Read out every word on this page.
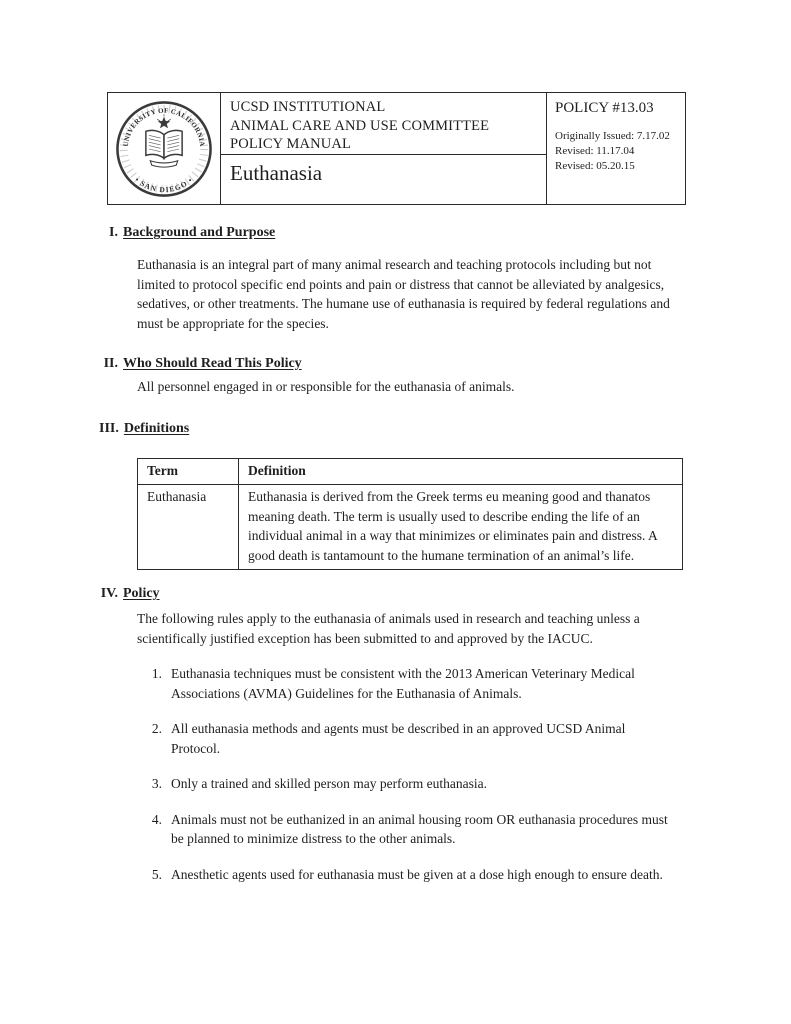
UNIVERSITY OF CALIFORNIA
• SAN DIEGO •
UCSD INSTITUTIONAL
ANIMAL CARE AND USE COMMITTEE
POLICY MANUAL
Euthanasia
POLICY #13.03
Originally Issued: 7.17.02
Revised: 11.17.04
Revised: 05.20.15
I. Background and Purpose
Euthanasia is an integral part of many animal research and teaching protocols including but not limited to protocol specific end points and pain or distress that cannot be alleviated by analgesics, sedatives, or other treatments. The humane use of euthanasia is required by federal regulations and must be appropriate for the species.
II. Who Should Read This Policy
All personnel engaged in or responsible for the euthanasia of animals.
III. Definitions
Term	Definition
Euthanasia	Euthanasia is derived from the Greek terms eu meaning good and thanatos meaning death. The term is usually used to describe ending the life of an individual animal in a way that minimizes or eliminates pain and distress. A good death is tantamount to the humane termination of an animal’s life.
IV. Policy
The following rules apply to the euthanasia of animals used in research and teaching unless a scientifically justified exception has been submitted to and approved by the IACUC.
1. Euthanasia techniques must be consistent with the 2013 American Veterinary Medical Associations (AVMA) Guidelines for the Euthanasia of Animals.
2. All euthanasia methods and agents must be described in an approved UCSD Animal Protocol.
3. Only a trained and skilled person may perform euthanasia.
4. Animals must not be euthanized in an animal housing room OR euthanasia procedures must be planned to minimize distress to the other animals.
5. Anesthetic agents used for euthanasia must be given at a dose high enough to ensure death.
